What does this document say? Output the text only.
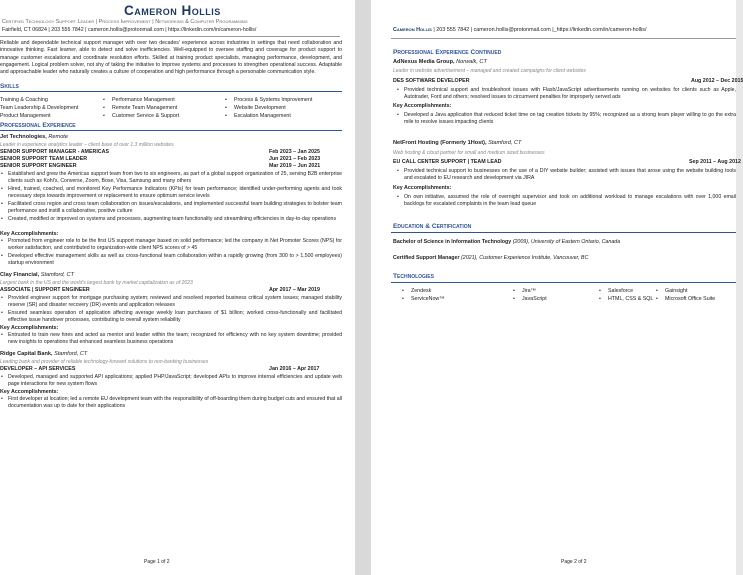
Cameron Hollis
Certified Technology Support Leader | Process Improvement | Networking & Computer Programming
Fairfield, CT 06824 | 203 555 7842 | cameron.hollis@protonmail.com | https://linkedin.com/in/cameron-hollis/
Reliable and dependable technical support manager with over two decades' experience across industries in settings that need collaboration and innovative thinking. Fast learner, able to detect and solve inefficiencies. Well-equipped to oversee staffing and coverage for product support to manage customer escalations and coordinate resolution efforts. Skilled at training product specialists, managing performance, development, and engagement. Logical problem solver, not shy of taking the initiative to improve systems and processes to strengthen operational success. Adaptable and approachable leader who naturally creates a culture of cooperation and high performance through a personable communication style.
Skills
• Training & Coaching	• Performance Management	• Process & Systems Improvement
• Team Leadership & Development	• Remote Team Management	• Website Development
• Product Management	• Customer Service & Support	• Escalation Management
Professional Experience
Jet Technologies, Remote
Leader in experience analytics leader – client base of over 1.3 million websites
SENIOR SUPPORT MANAGER - AMERICAS	Feb 2023 – Jan 2025
SENIOR SUPPORT TEAM LEADER	Jun 2021 – Feb 2023
SENIOR SUPPORT ENGINEER	Mar 2019 – Jun 2021
• Established and grew the Americas support team from two to six engineers, as part of a global support organization of 25, serving B2B enterprise clients such as Kohl's, Converse, Zoom, Bose, Visa, Samsung and many others
• Hired, trained, coached, and monitored Key Performance Indicators (KPIs) for team performance; identified under-performing agents and took necessary steps towards improvement or replacement to ensure optimum service levels
• Facilitated cross region and cross team collaboration on issues/escalations, and implemented successful team building strategies to bolster team performance and instill a collaborative, positive culture
• Created, modified or improved on systems and processes, augmenting team functionality and streamlining efficiencies in day-to-day operations
Key Accomplishments:
• Promoted from engineer role to be the first US support manager based on solid performance; led the company in Net Promoter Scores (NPS) for worker satisfaction, and contributed to organization-wide client NPS scores of > 45
• Developed effective management skills as well as cross-functional team collaboration within a rapidly growing (from 300 to > 1,500 employees) startup environment
Clay Financial, Stamford, CT
Largest bank in the US and the world's largest bank by market capitalization as of 2023
ASSOCIATE | SUPPORT ENGINEER	Apr 2017 – Mar 2019
• Provided engineer support for mortgage purchasing system; reviewed and resolved reported business critical system issues; managed stability reserve (SR) and disaster recovery (DR) events and application releases
• Ensured seamless operation of application affecting average weekly loan purchases of $1 billion; worked cross-functionally and facilitated effective issue handover processes, contributing to overall system reliability
Key Accomplishments:
• Entrusted to train new hires and acted as mentor and leader within the team; recognized for efficiency with no key system downtime; provided new insights to operations that enhanced seamless business operations
Ridge Capital Bank, Stamford, CT
Leading bank and provider of reliable technology-forward solutions to non-banking businesses
DEVELOPER – API SERVICES	Jan 2016 – Apr 2017
• Developed, managed and supported API applications; applied PHP/JavaScript; developed APIs to improve internal efficiencies and update web page interactions for new system flows
Key Accomplishments:
• First developer at location; led a remote EU development team with the responsibility of off-boarding them during budget cuts and ensured that all documentation was up to date for their applications
Page 1 of 2
Cameron Hollis | 203 555 7842 | cameron.hollis@protonmail.com |_https://linkedin.com/in/cameron-hollis/
Professional Experience Continued
AdNexus Media Group, Norwalk, CT
Leader in website advertisement – managed and created campaigns for client websites
DES SOFTWARE DEVELOPER	Aug 2012 – Dec 2015
• Provided technical support and troubleshoot issues with Flash/JavaScript advertisements running on websites for clients such as Apple, Autotrader, Ford and others; resolved issues to circumvent penalties for improperly served ads
Key Accomplishments:
• Developed a Java application that reduced ticket time on tag creation tickets by 95%; recognized as a strong team player willing to go the extra mile to resolve issues impacting clients
NetFront Hosting (Formerly 1Host), Stamford, CT
Web hosting & cloud partner for small and medium sized businesses
EU CALL CENTER SUPPORT | TEAM LEAD	Sep 2011 – Aug 2012
• Provided technical support to businesses on the use of a DIY website builder; assisted with issues that arose using the website building tools and escalated to EU research and development via JIRA
Key Accomplishments:
• On own initiative, assumed the role of overnight supervisor and took on additional workload to manage escalations with over 1,000 email backlogs for escalated complaints in the team lead queue
Education & Certification
Bachelor of Science in Information Technology (2009), University of Eastern Ontario, Canada
Certified Support Manager (2021), Customer Experience Institute, Vancouver, BC
Technologies
• Zendesk	• Jira™	• Salesforce	• Gainsight
• ServiceNow™	• JavaScript	• HTML, CSS & SQL • Microsoft Office Suite
Page 2 of 2
